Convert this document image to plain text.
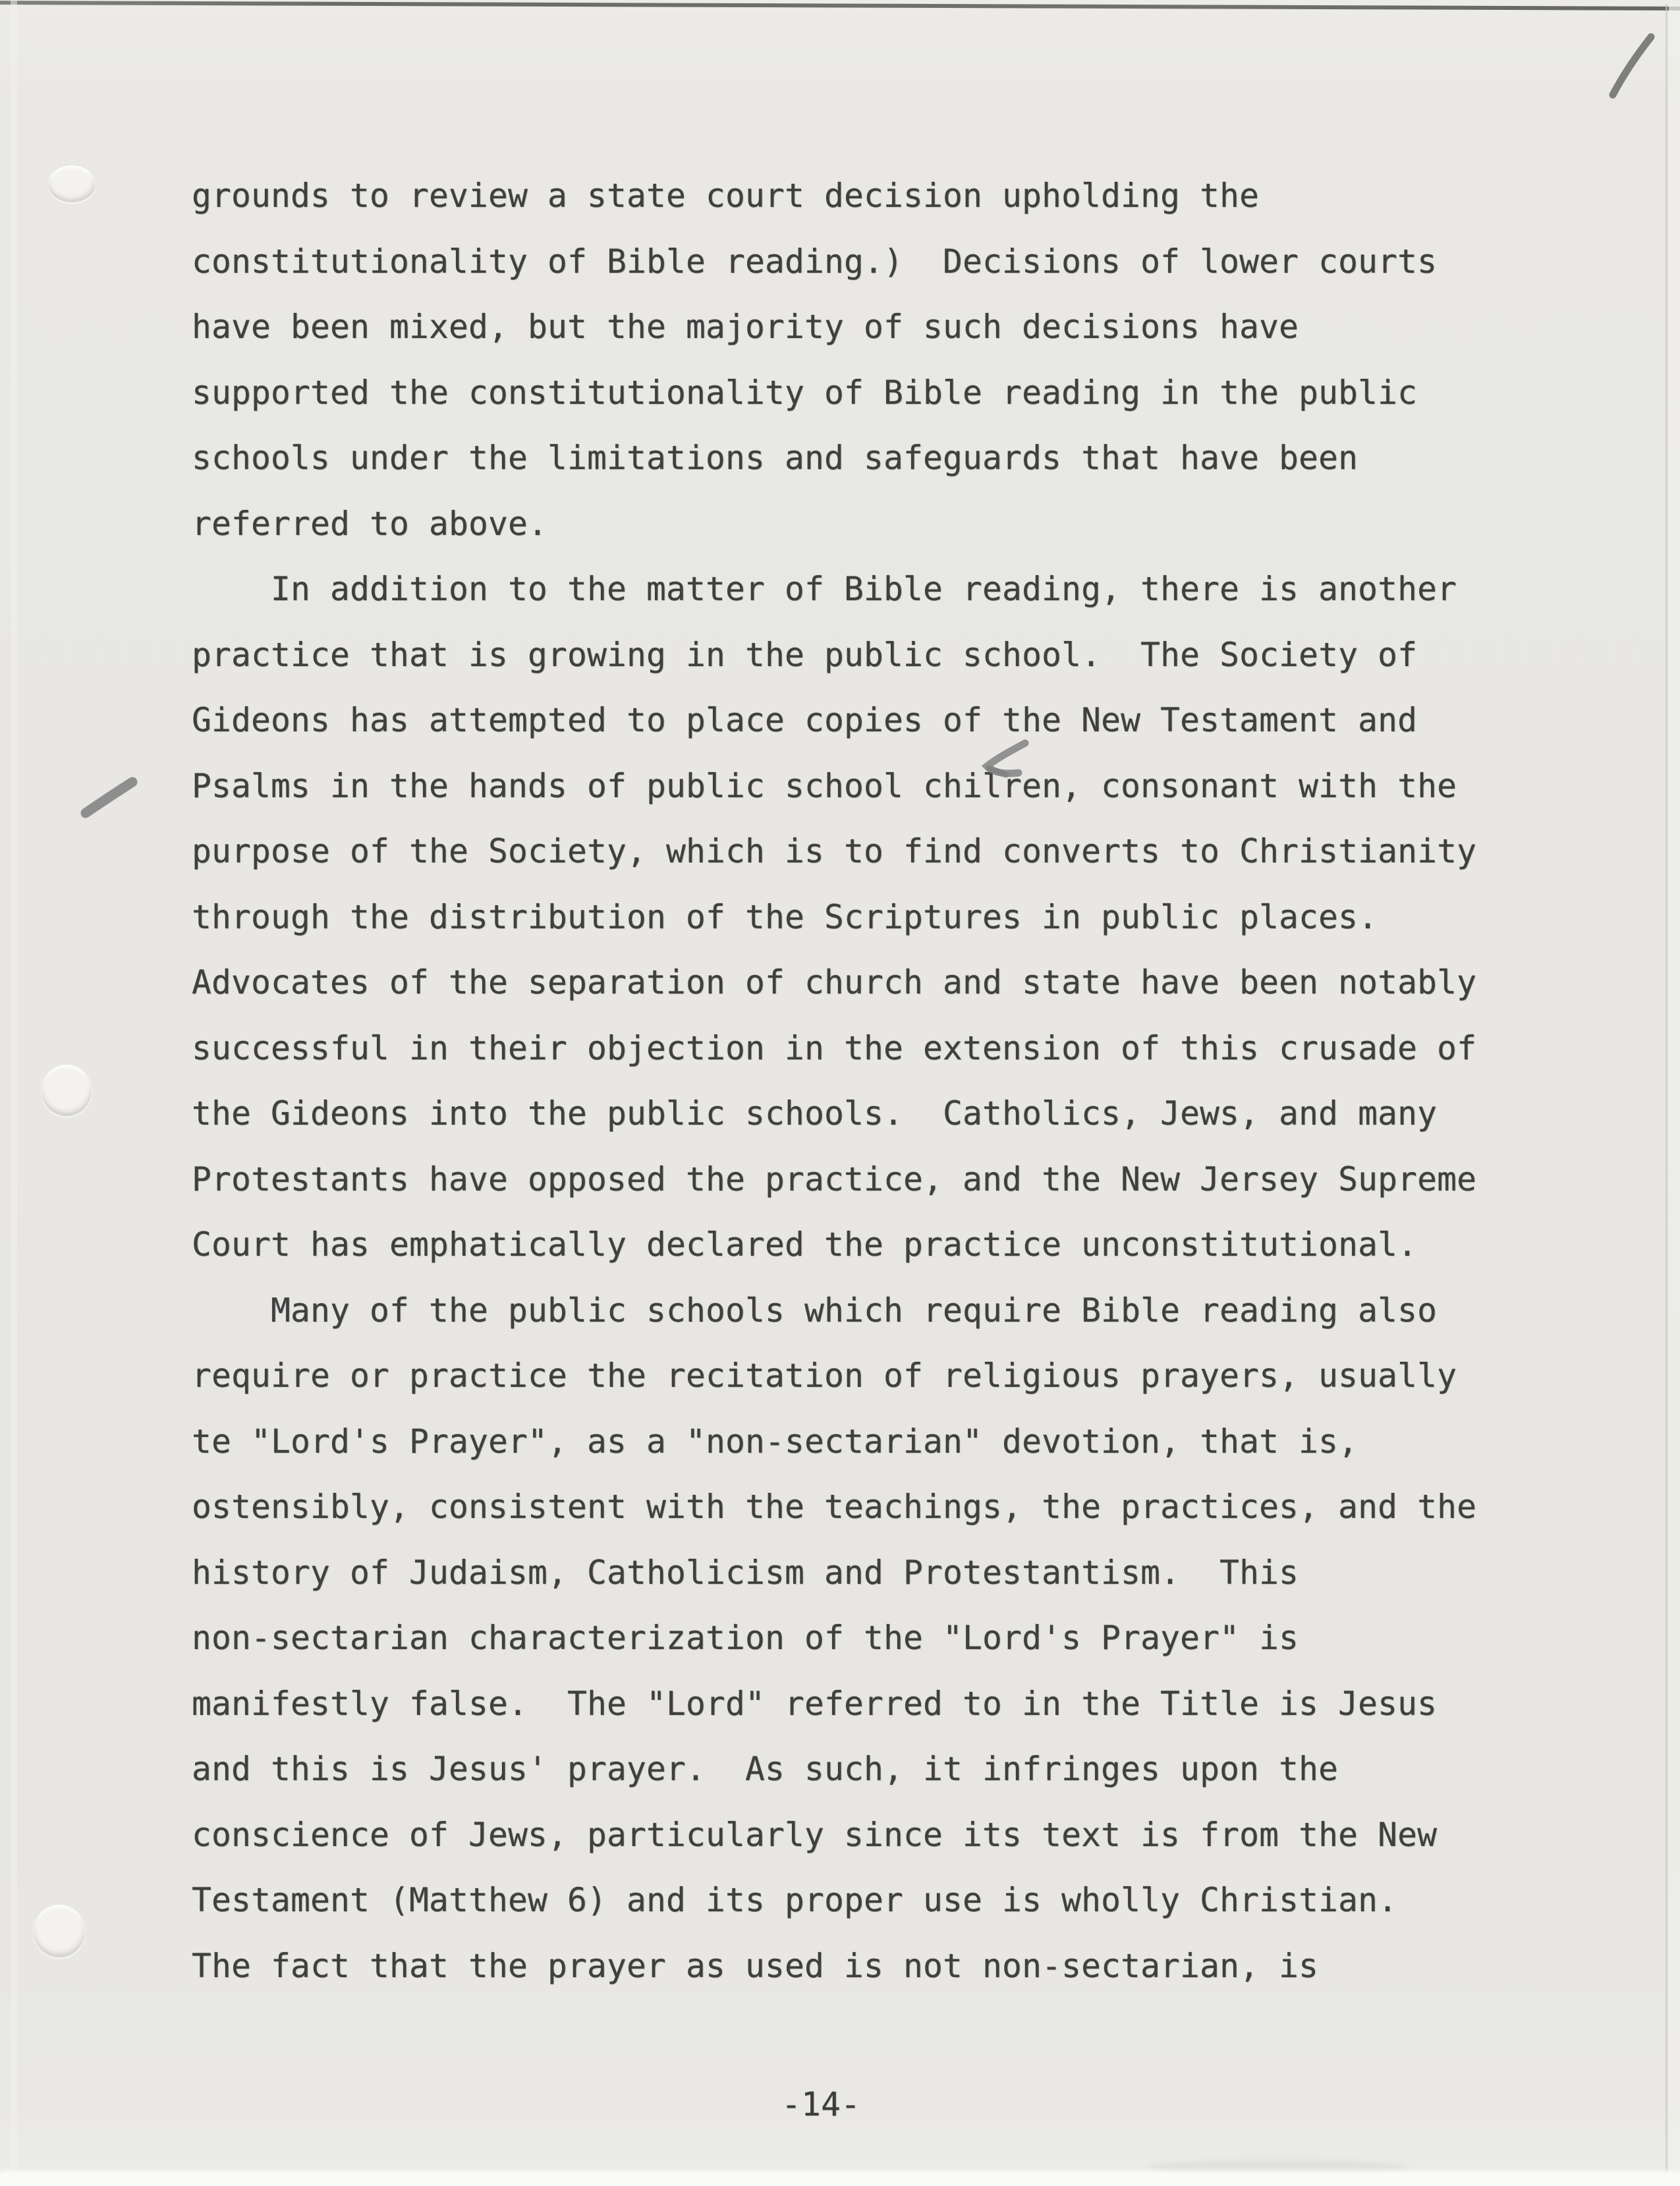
grounds to review a state court decision upholding the
constitutionality of Bible reading.)  Decisions of lower courts
have been mixed, but the majority of such decisions have
supported the constitutionality of Bible reading in the public
schools under the limitations and safeguards that have been
referred to above.
In addition to the matter of Bible reading, there is another
practice that is growing in the public school.  The Society of
Gideons has attempted to place copies of the New Testament and
Psalms in the hands of public school chilren, consonant with the
purpose of the Society, which is to find converts to Christianity
through the distribution of the Scriptures in public places.
Advocates of the separation of church and state have been notably
successful in their objection in the extension of this crusade of
the Gideons into the public schools.  Catholics, Jews, and many
Protestants have opposed the practice, and the New Jersey Supreme
Court has emphatically declared the practice unconstitutional.
Many of the public schools which require Bible reading also
require or practice the recitation of religious prayers, usually
te "Lord's Prayer", as a "non-sectarian" devotion, that is,
ostensibly, consistent with the teachings, the practices, and the
history of Judaism, Catholicism and Protestantism.  This
non-sectarian characterization of the "Lord's Prayer" is
manifestly false.  The "Lord" referred to in the Title is Jesus
and this is Jesus' prayer.  As such, it infringes upon the
conscience of Jews, particularly since its text is from the New
Testament (Matthew 6) and its proper use is wholly Christian.
The fact that the prayer as used is not non-sectarian, is
-14-
